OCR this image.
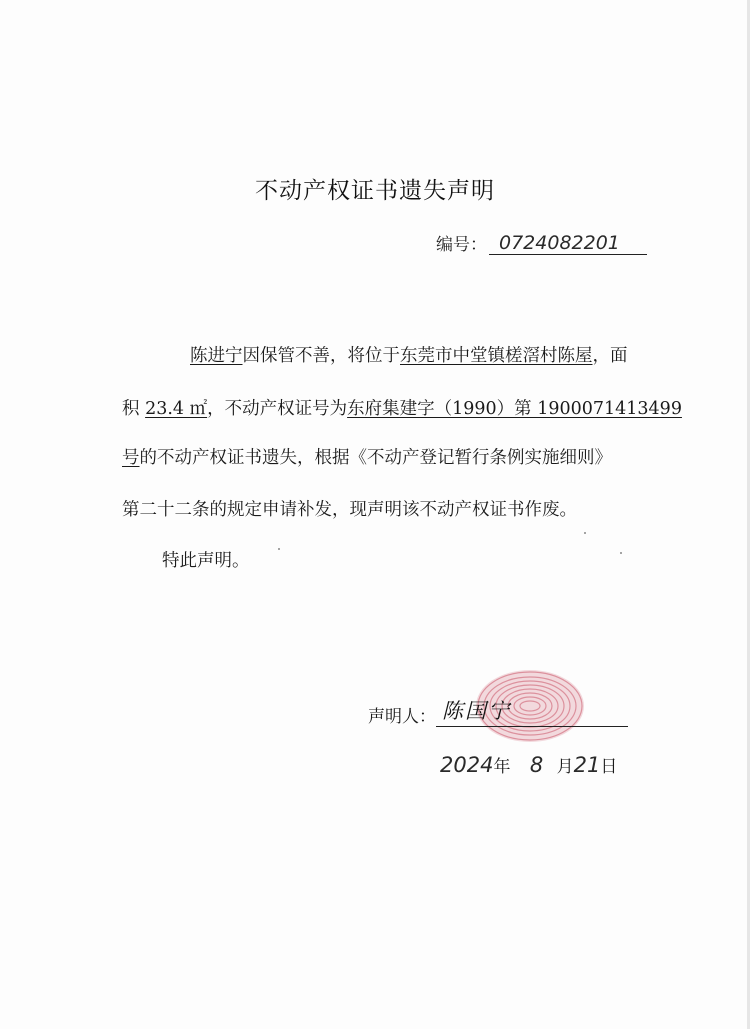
不动产权证书遗失声明
编号： 0724082201
陈进宁因保管不善，将位于东莞市中堂镇槎滘村陈屋，面
积 23.4 ㎡，不动产权证号为东府集建字（1990）第 1900071413499
号的不动产权证书遗失，根据《不动产登记暂行条例实施细则》
第二十二条的规定申请补发，现声明该不动产权证书作废。
特此声明。
声明人： 陈国宁
2024年 8 月21日
